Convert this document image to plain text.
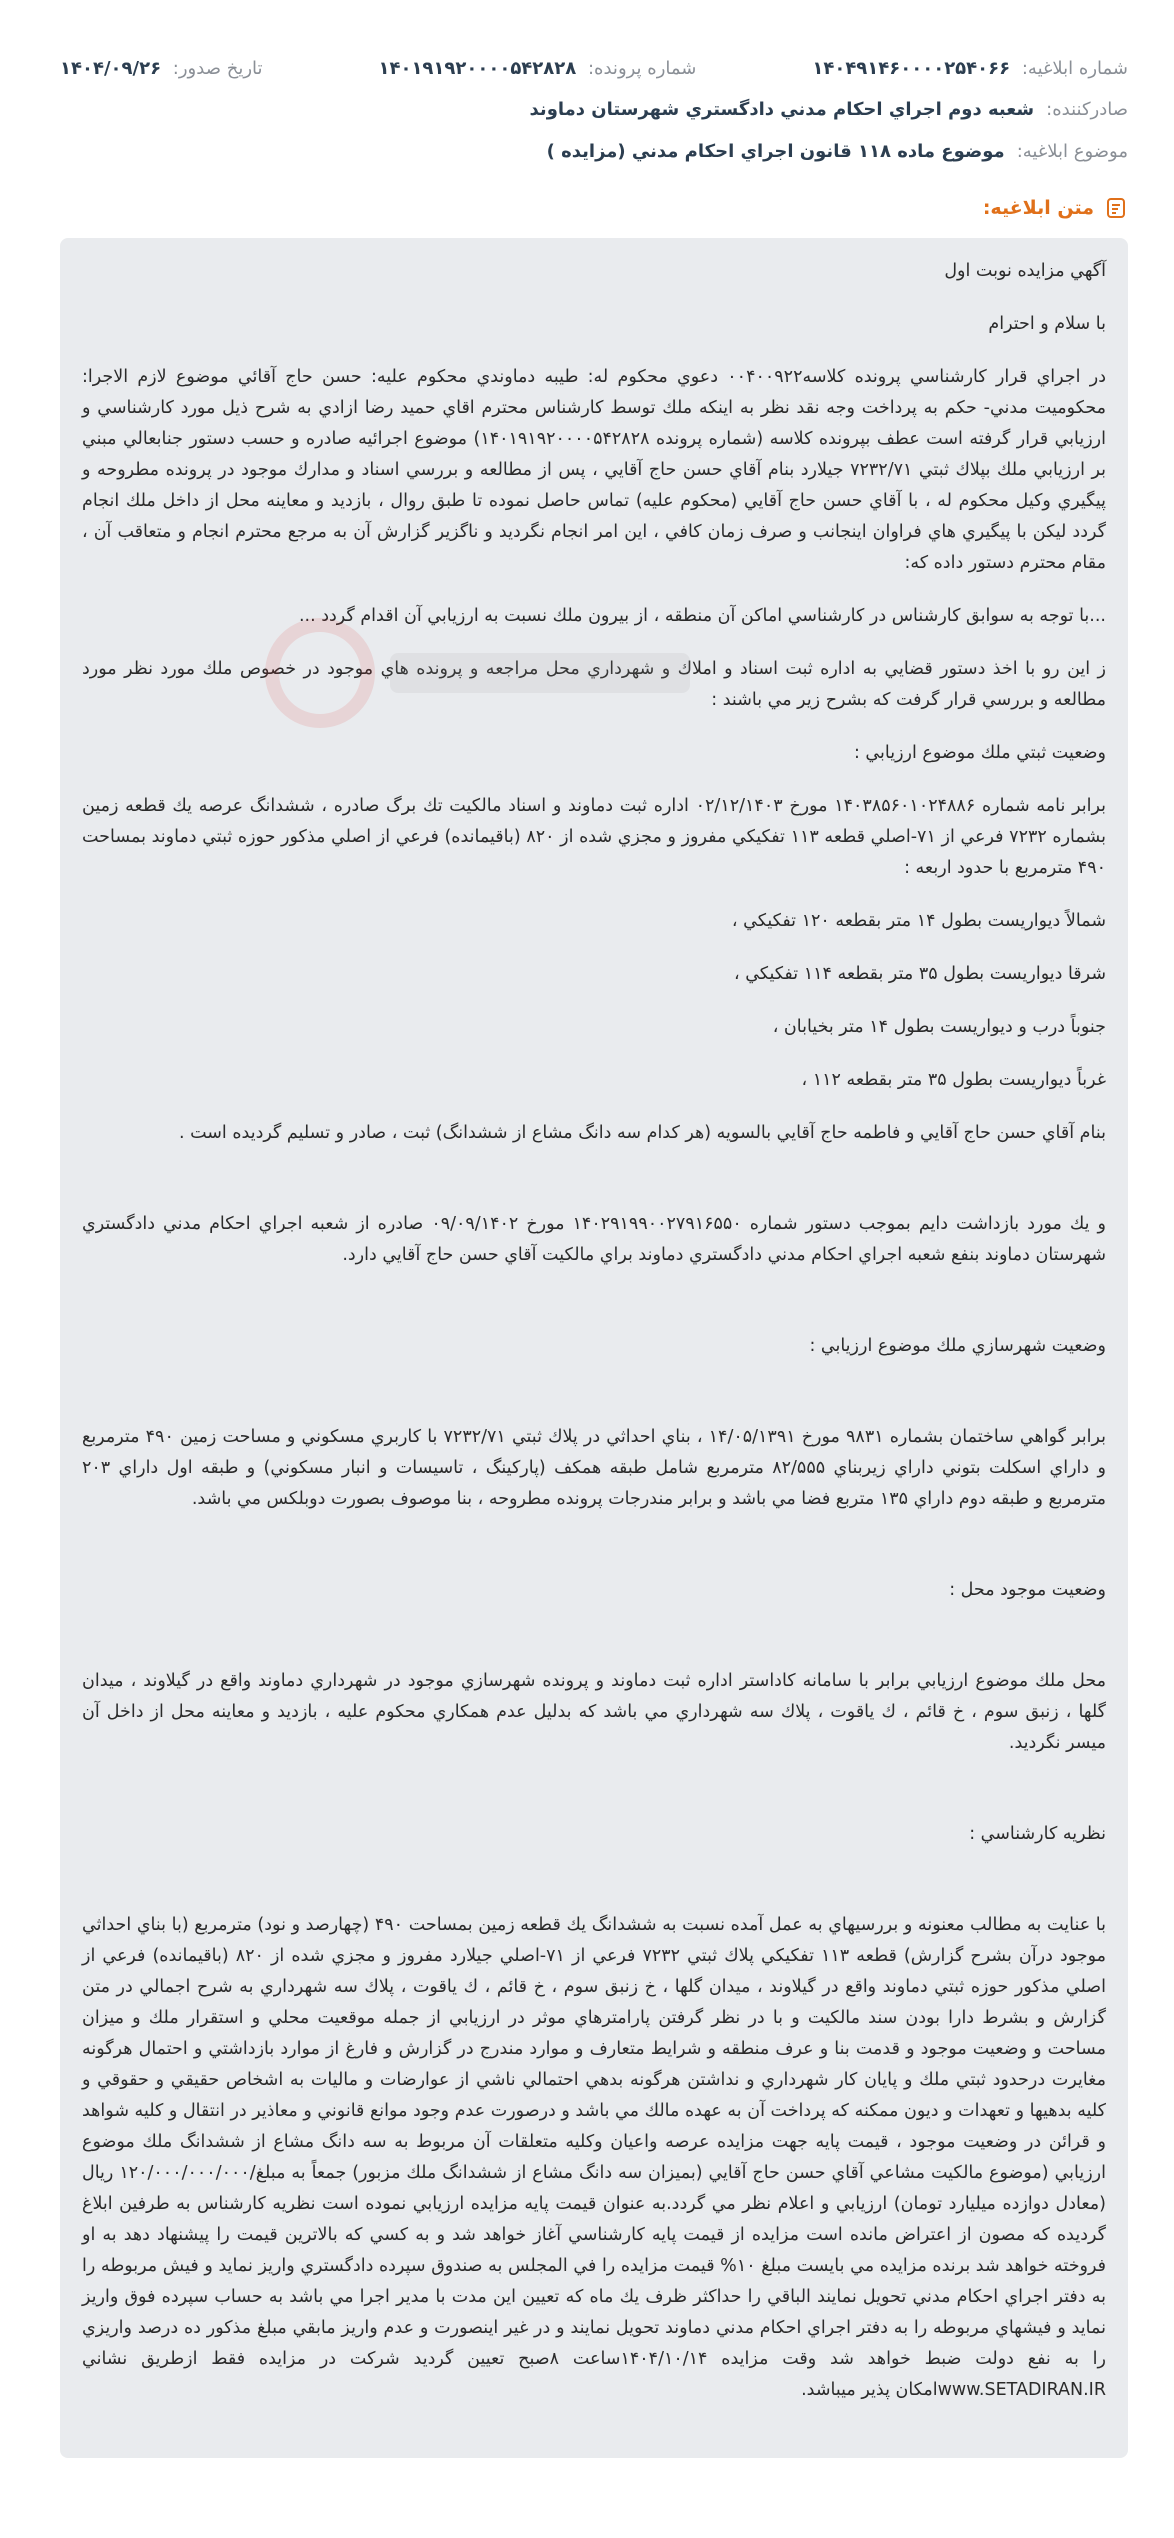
شماره ابلاغيه: ۱۴۰۴۹۱۴۶۰۰۰۰۲۵۴۰۶۶
شماره پرونده: ۱۴۰۱۹۱۹۲۰۰۰۰۵۴۲۸۲۸
تاريخ صدور: ۱۴۰۴/۰۹/۲۶
صادرکننده:
شعبه دوم اجراي احكام مدني دادگستري شهرستان دماوند
موضوع ابلاغيه:
موضوع ماده ۱۱۸ قانون اجراي احكام مدني (مزايده )
متن ابلاغيه:

آگهي مزايده نوبت اول

با سلام و احترام

در اجراي قرار كارشناسي پرونده كلاسه۰۰۴۰۰۹۲۲ دعوي محكوم له: طيبه دماوندي محكوم عليه: حسن حاج آقائي موضوع لازم الاجرا: محكوميت مدني- حكم به پرداخت وجه نقد نظر به اينكه ملك توسط كارشناس محترم اقاي حميد رضا ازادي به شرح ذيل مورد كارشناسي و ارزيابي قرار گرفته است عطف بپرونده كلاسه (شماره پرونده ۱۴۰۱۹۱۹۲۰۰۰۰۵۴۲۸۲۸) موضوع اجرائيه صادره و حسب دستور جنابعالي مبني بر ارزيابي ملك بپلاك ثبتي ۷۲۳۲/۷۱ جيلارد بنام آقاي حسن حاج آقايي ، پس از مطالعه و بررسي اسناد و مدارك موجود در پرونده مطروحه و پيگيري وكيل محكوم له ، با آقاي حسن حاج آقايي (محكوم عليه) تماس حاصل نموده تا طبق روال ، بازديد و معاينه محل از داخل ملك انجام گردد ليكن با پيگيري هاي فراوان اينجانب و صرف زمان كافي ، اين امر انجام نگرديد و ناگزير گزارش آن به مرجع محترم انجام و متعاقب آن ، مقام محترم دستور داده كه:

...با توجه به سوابق كارشناس در كارشناسي اماكن آن منطقه ، از بيرون ملك نسبت به ارزيابي آن اقدام گردد ...

ز اين رو با اخذ دستور قضايي به اداره ثبت اسناد و املاك و شهرداري محل مراجعه و پرونده هاي موجود در خصوص ملك مورد نظر مورد مطالعه و بررسي قرار گرفت كه بشرح زير مي باشند :

وضعيت ثبتي ملك موضوع ارزيابي :

برابر نامه شماره ۱۴۰۳۸۵۶۰۱۰۲۴۸۸۶ مورخ ۰۲/۱۲/۱۴۰۳ اداره ثبت دماوند و اسناد مالكيت تك برگ صادره ، ششدانگ عرصه يك قطعه زمين بشماره ۷۲۳۲ فرعي از ۷۱-اصلي قطعه ۱۱۳ تفكيكي مفروز و مجزي شده از ۸۲۰ (باقيمانده) فرعي از اصلي مذكور حوزه ثبتي دماوند بمساحت ۴۹۰ مترمربع با حدود اربعه :

شمالاً ديواريست بطول ۱۴ متر بقطعه ۱۲۰ تفكيكي ،

شرقا ديواريست بطول ۳۵ متر بقطعه ۱۱۴ تفكيكي ،

جنوباً درب و ديواريست بطول ۱۴ متر بخيابان ،

غرباً ديواريست بطول ۳۵ متر بقطعه ۱۱۲ ،

بنام آقاي حسن حاج آقايي و فاطمه حاج آقايي بالسويه (هر كدام سه دانگ مشاع از ششدانگ) ثبت ، صادر و تسليم گرديده است .

و يك مورد بازداشت دايم بموجب دستور شماره ۱۴۰۲۹۱۹۹۰۰۲۷۹۱۶۵۵۰ مورخ ۰۹/۰۹/۱۴۰۲ صادره از شعبه اجراي احكام مدني دادگستري شهرستان دماوند بنفع شعبه اجراي احكام مدني دادگستري دماوند براي مالكيت آقاي حسن حاج آقايي دارد.

وضعيت شهرسازي ملك موضوع ارزيابي :

برابر گواهي ساختمان بشماره ۹۸۳۱ مورخ ۱۴/۰۵/۱۳۹۱ ، بناي احداثي در پلاك ثبتي ۷۲۳۲/۷۱ با كاربري مسكوني و مساحت زمين ۴۹۰ مترمربع و داراي اسكلت بتوني داراي زيربناي ۸۲/۵۵۵ مترمربع شامل طبقه همكف (پاركينگ ، تاسيسات و انبار مسكوني) و طبقه اول داراي ۲۰۳ مترمربع و طبقه دوم داراي ۱۳۵ متربع فضا مي باشد و برابر مندرجات پرونده مطروحه ، بنا موصوف بصورت دوبلكس مي باشد.

وضعيت موجود محل :

محل ملك موضوع ارزيابي برابر با سامانه كاداستر اداره ثبت دماوند و پرونده شهرسازي موجود در شهرداري دماوند واقع در گيلاوند ، ميدان گلها ، زنبق سوم ، خ قائم ، ك ياقوت ، پلاك سه شهرداري مي باشد كه بدليل عدم همكاري محكوم عليه ، بازديد و معاينه محل از داخل آن ميسر نگرديد.

نظريه كارشناسي :

با عنايت به مطالب معنونه و بررسيهاي به عمل آمده نسبت به ششدانگ يك قطعه زمين بمساحت ۴۹۰ (چهارصد و نود) مترمربع (با بناي احداثي موجود درآن بشرح گزارش) قطعه ۱۱۳ تفكيكي پلاك ثبتي ۷۲۳۲ فرعي از ۷۱-اصلي جيلارد مفروز و مجزي شده از ۸۲۰ (باقيمانده) فرعي از اصلي مذكور حوزه ثبتي دماوند واقع در گيلاوند ، ميدان گلها ، خ زنبق سوم ، خ قائم ، ك ياقوت ، پلاك سه شهرداري به شرح اجمالي در متن گزارش و بشرط دارا بودن سند مالكيت و با در نظر گرفتن پارامترهاي موثر در ارزيابي از جمله موقعيت محلي و استقرار ملك و ميزان مساحت و وضعيت موجود و قدمت بنا و عرف منطقه و شرايط متعارف و موارد مندرج در گزارش و فارغ از موارد بازداشتي و احتمال هرگونه مغايرت درحدود ثبتي ملك و پايان كار شهرداري و نداشتن هرگونه بدهي احتمالي ناشي از عوارضات و ماليات به اشخاص حقيقي و حقوقي و كليه بدهيها و تعهدات و ديون ممكنه كه پرداخت آن به عهده مالك مي باشد و درصورت عدم وجود موانع قانوني و معاذير در انتقال و كليه شواهد و قرائن در وضعيت موجود ، قيمت پايه جهت مزايده عرصه واعيان وكليه متعلقات آن مربوط به سه دانگ مشاع از ششدانگ ملك موضوع ارزيابي (موضوع مالكيت مشاعي آقاي حسن حاج آقايي (بميزان سه دانگ مشاع از ششدانگ ملك مزبور) جمعاً به مبلغ/۱۲۰/۰۰۰/۰۰۰/۰۰۰ ريال (معادل دوازده ميليارد تومان) ارزيابي و اعلام نظر مي گردد.به عنوان قيمت پايه مزايده ارزيابي نموده است نظريه كارشناس به طرفين ابلاغ گرديده كه مصون از اعتراض مانده است مزايده از قيمت پايه كارشناسي آغاز خواهد شد و به كسي كه بالاترين قيمت را پيشنهاد دهد به او فروخته خواهد شد برنده مزايده مي بايست مبلغ ۱۰% قيمت مزايده را في المجلس به صندوق سپرده دادگستري واريز نمايد و فيش مربوطه را به دفتر اجراي احكام مدني تحويل نمايند الباقي را حداكثر ظرف يك ماه كه تعيين اين مدت با مدير اجرا مي باشد به حساب سپرده فوق واريز نمايد و فيشهاي مربوطه را به دفتر اجراي احكام مدني دماوند تحويل نمايند و در غير اينصورت و عدم واريز مابقي مبلغ مذكور ده درصد واريزي را به نفع دولت ضبط خواهد شد وقت مزايده ۱۴۰۴/۱۰/۱۴ساعت ۸صبح تعيين گرديد شركت در مزايده فقط ازطريق نشاني www.SETADIRAN.IRامكان پذير ميباشد.
